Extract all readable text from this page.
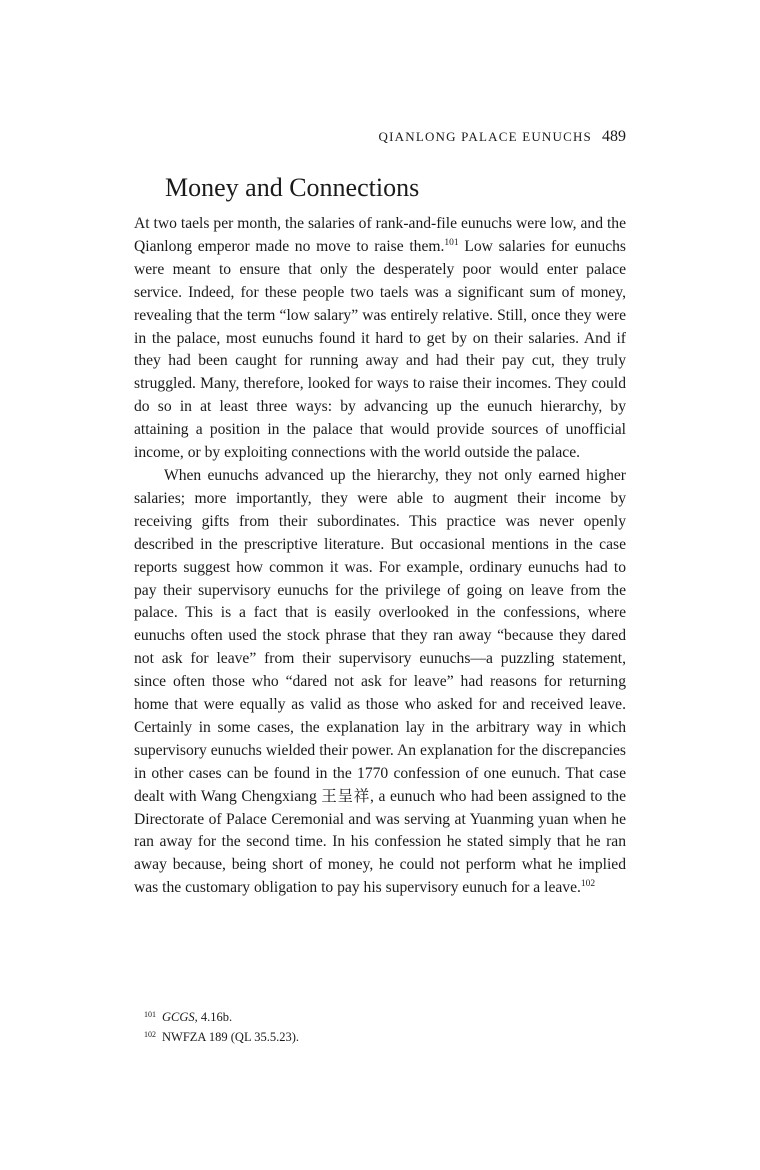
QIANLONG PALACE EUNUCHS 489
Money and Connections

At two taels per month, the salaries of rank-and-file eunuchs were low, and the Qianlong emperor made no move to raise them.$^{101}$ Low salaries for eunuchs were meant to ensure that only the desperately poor would enter palace service. Indeed, for these people two taels was a significant sum of money, revealing that the term “low salary” was entirely relative. Still, once they were in the palace, most eunuchs found it hard to get by on their salaries. And if they had been caught for running away and had their pay cut, they truly struggled. Many, therefore, looked for ways to raise their incomes. They could do so in at least three ways: by advancing up the eunuch hierarchy, by attaining a position in the palace that would provide sources of unofficial income, or by exploiting connections with the world outside the palace.

When eunuchs advanced up the hierarchy, they not only earned higher salaries; more importantly, they were able to augment their income by receiving gifts from their subordinates. This practice was never openly described in the prescriptive literature. But occasional mentions in the case reports suggest how common it was. For example, ordinary eunuchs had to pay their supervisory eunuchs for the privilege of going on leave from the palace. This is a fact that is easily overlooked in the confessions, where eunuchs often used the stock phrase that they ran away “because they dared not ask for leave” from their supervisory eunuchs—a puzzling statement, since often those who “dared not ask for leave” had reasons for returning home that were equally as valid as those who asked for and received leave. Certainly in some cases, the explanation lay in the arbitrary way in which supervisory eunuchs wielded their power. An explanation for the discrepancies in other cases can be found in the 1770 confession of one eunuch. That case dealt with Wang Chengxiang 王呈祥, a eunuch who had been assigned to the Directorate of Palace Ceremonial and was serving at Yuanming yuan when he ran away for the second time. In his confession he stated simply that he ran away because, being short of money, he could not perform what he implied was the customary obligation to pay his supervisory eunuch for a leave.$^{102}$

$^{101}$ GCGS, 4.16b.

$^{102}$ NWFZA 189 (QL 35.5.23).
